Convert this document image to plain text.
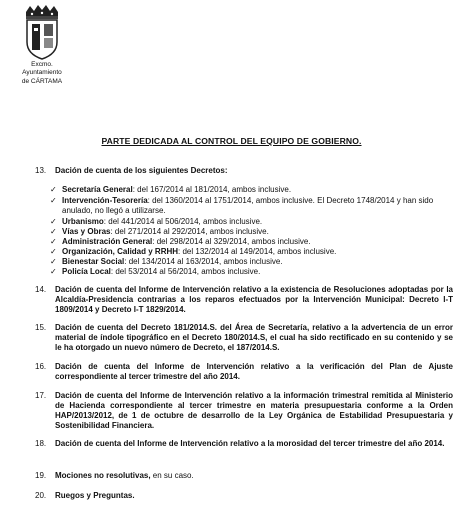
Excmo. Ayuntamiento
de CÁRTAMA
PARTE DEDICADA AL CONTROL DEL EQUIPO DE GOBIERNO.
13.	Dación de cuenta de los siguientes Decretos:
✓ Secretaría General: del 167/2014 al 181/2014, ambos inclusive.
✓ Intervención-Tesorería: del 1360/2014 al 1751/2014, ambos inclusive. El Decreto 1748/2014 y han sido anulado, no llegó a utilizarse.
✓ Urbanismo: del 441/2014 al 506/2014, ambos inclusive.
✓ Vías y Obras: del 271/2014 al 292/2014, ambos inclusive.
✓ Administración General: del 298/2014 al 329/2014, ambos inclusive.
✓ Organización, Calidad y RRHH: del 132/2014 al 149/2014, ambos inclusive.
✓ Bienestar Social: del 134/2014 al 163/2014, ambos inclusive.
✓ Policía Local: del 53/2014 al 56/2014, ambos inclusive.
14.	Dación de cuenta del Informe de Intervención relativo a la existencia de Resoluciones adoptadas por la Alcaldía-Presidencia contrarias a los reparos efectuados por la Intervención Municipal: Decreto I-T 1809/2014 y Decreto I-T 1829/2014.
15.	Dación de cuenta del Decreto 181/2014.S. del Área de Secretaría, relativo a la advertencia de un error material de índole tipográfico en el Decreto 180/2014.S, el cual ha sido rectificado en su contenido y se le ha otorgado un nuevo número de Decreto, el 187/2014.S.
16.	Dación de cuenta del Informe de Intervención relativo a la verificación del Plan de Ajuste correspondiente al tercer trimestre del año 2014.
17.	Dación de cuenta del Informe de Intervención relativo a la información trimestral remitida al Ministerio de Hacienda correspondiente al tercer trimestre en materia presupuestaria conforme a la Orden HAP/2013/2012, de 1 de octubre de desarrollo de la Ley Orgánica de Estabilidad Presupuestaria y Sostenibilidad Financiera.
18.	Dación de cuenta del Informe de Intervención relativo a la morosidad del tercer trimestre del año 2014.
19.	Mociones no resolutivas, en su caso.
20.	Ruegos y Preguntas.
